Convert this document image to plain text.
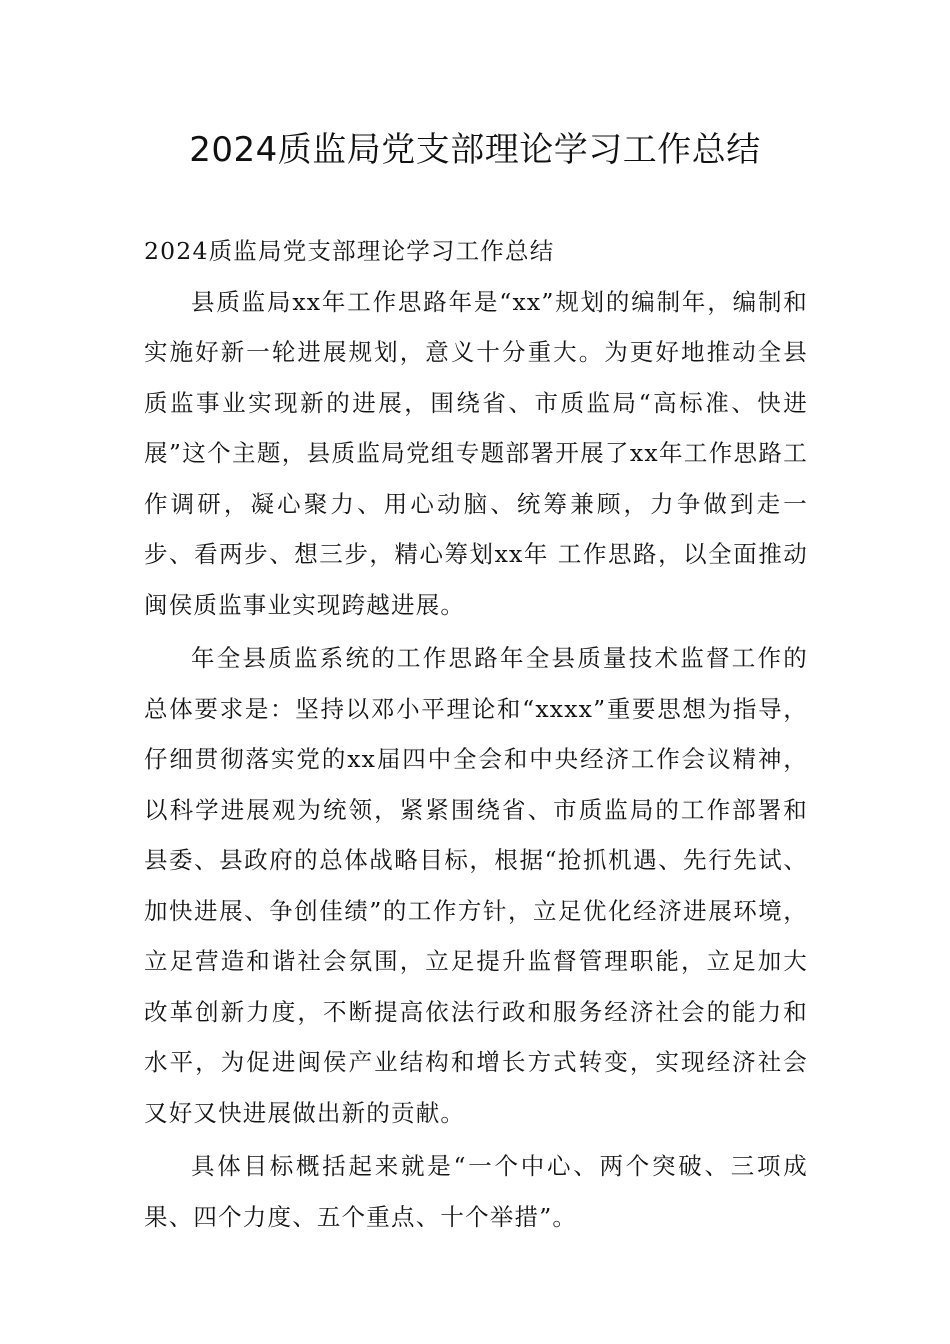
2024质监局党支部理论学习工作总结

2024质监局党支部理论学习工作总结

县质监局xx年工作思路年是“xx”规划的编制年，编制和实施好新一轮进展规划，意义十分重大。为更好地推动全县质监事业实现新的进展，围绕省、市质监局“高标准、快进展”这个主题，县质监局党组专题部署开展了xx年工作思路工作调研，凝心聚力、用心动脑、统筹兼顾，力争做到走一步、看两步、想三步，精心筹划xx年 工作思路，以全面推动闽侯质监事业实现跨越进展。

年全县质监系统的工作思路年全县质量技术监督工作的总体要求是：坚持以邓小平理论和“xxxx”重要思想为指导，仔细贯彻落实党的xx届四中全会和中央经济工作会议精神，以科学进展观为统领，紧紧围绕省、市质监局的工作部署和县委、县政府的总体战略目标，根据“抢抓机遇、先行先试、加快进展、争创佳绩”的工作方针，立足优化经济进展环境，立足营造和谐社会氛围，立足提升监督管理职能，立足加大改革创新力度，不断提高依法行政和服务经济社会的能力和水平，为促进闽侯产业结构和增长方式转变，实现经济社会又好又快进展做出新的贡献。

具体目标概括起来就是“一个中心、两个突破、三项成果、四个力度、五个重点、十个举措”。
